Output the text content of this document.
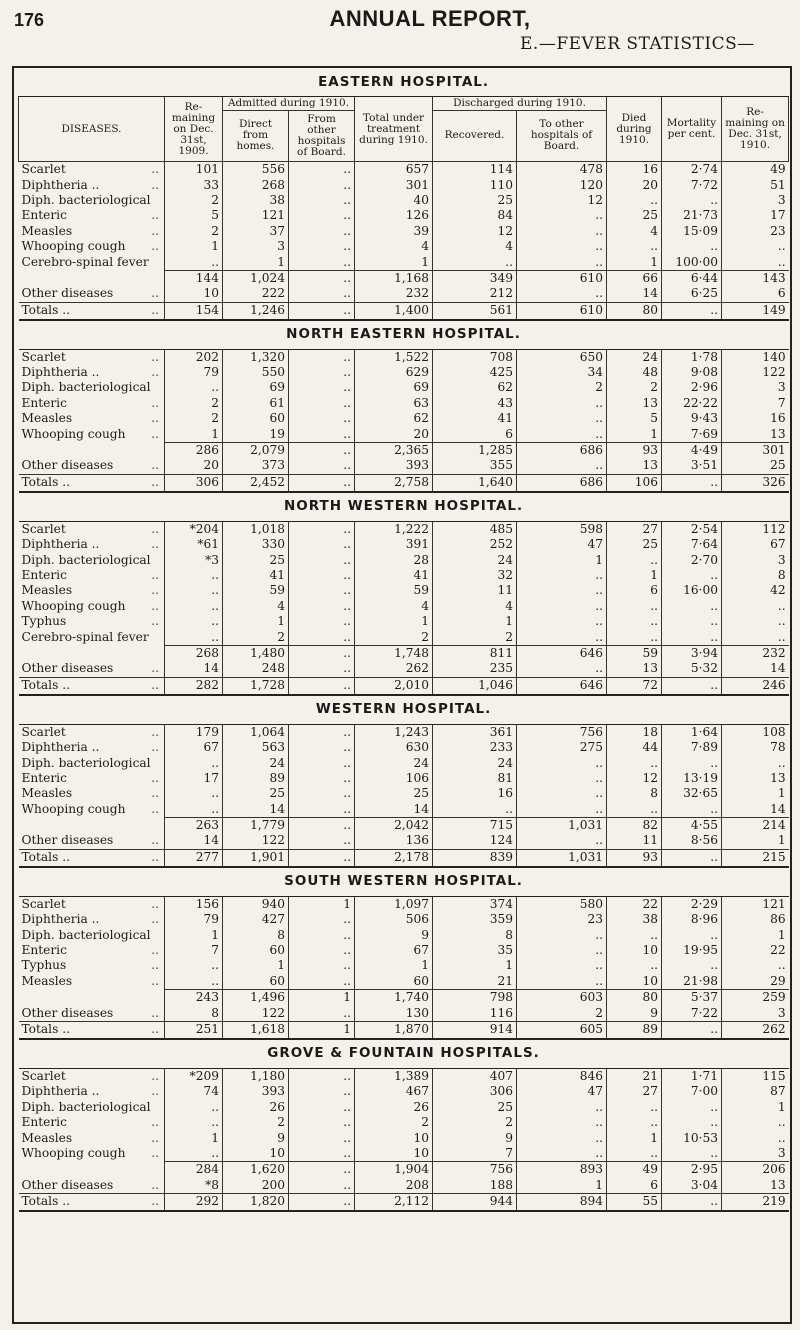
176	ANNUAL REPORT,
E.—FEVER STATISTICS—
EASTERN HOSPITAL.									
DISEASES.	Re-maining on Dec. 31st, 1909.	Admitted during 1910.		Total under treatment during 1910.	Discharged during 1910.		Died during 1910.	Mortality per cent.	Re-maining on Dec. 31st, 1910.
		Direct from homes.	From other hospitals of Board.		Recovered.	To other hospitals of Board.			

Scarlet ..	101	556	..	657	114	478	16	2·74	49

Diphtheria .. ..	33	268	..	301	110	120	20	7·72	51

Diph. bacteriological	2	38	..	40	25	12	..	..	3

Enteric ..	5	121	..	126	84	..	25	21·73	17

Measles ..	2	37	..	39	12	..	4	15·09	23

Whooping cough ..	1	3	..	4	4	..	..	..	..

Cerebro-spinal fever	..	1	..	1	..	..	1	100·00	..
	144	1,024	..	1,168	349	610	66	6·44	143

Other diseases ..	10	222	..	232	212	..	14	6·25	6

Totals .. ..	154	1,246	..	1,400	561	610	80	..	149
NORTH EASTERN HOSPITAL.									

Scarlet ..	202	1,320	..	1,522	708	650	24	1·78	140

Diphtheria .. ..	79	550	..	629	425	34	48	9·08	122

Diph. bacteriological	..	69	..	69	62	2	2	2·96	3

Enteric ..	2	61	..	63	43	..	13	22·22	7

Measles ..	2	60	..	62	41	..	5	9·43	16

Whooping cough ..	1	19	..	20	6	..	1	7·69	13
	286	2,079	..	2,365	1,285	686	93	4·49	301

Other diseases ..	20	373	..	393	355	..	13	3·51	25

Totals .. ..	306	2,452	..	2,758	1,640	686	106	..	326
NORTH WESTERN HOSPITAL.									

Scarlet ..	*204	1,018	..	1,222	485	598	27	2·54	112

Diphtheria .. ..	*61	330	..	391	252	47	25	7·64	67

Diph. bacteriological	*3	25	..	28	24	1	..	2·70	3

Enteric ..	..	41	..	41	32	..	1	..	8

Measles ..	..	59	..	59	11	..	6	16·00	42

Whooping cough ..	..	4	..	4	4	..	..	..	..

Typhus ..	..	1	..	1	1	..	..	..	..

Cerebro-spinal fever	..	2	..	2	2	..	..	..	..
	268	1,480	..	1,748	811	646	59	3·94	232

Other diseases ..	14	248	..	262	235	..	13	5·32	14

Totals .. ..	282	1,728	..	2,010	1,046	646	72	..	246
WESTERN HOSPITAL.									

Scarlet ..	179	1,064	..	1,243	361	756	18	1·64	108

Diphtheria .. ..	67	563	..	630	233	275	44	7·89	78

Diph. bacteriological	..	24	..	24	24	..	..	..	..

Enteric ..	17	89	..	106	81	..	12	13·19	13

Measles ..	..	25	..	25	16	..	8	32·65	1

Whooping cough ..	..	14	..	14	..	..	..	..	14
	263	1,779	..	2,042	715	1,031	82	4·55	214

Other diseases ..	14	122	..	136	124	..	11	8·56	1

Totals .. ..	277	1,901	..	2,178	839	1,031	93	..	215
SOUTH WESTERN HOSPITAL.									

Scarlet ..	156	940	1	1,097	374	580	22	2·29	121

Diphtheria .. ..	79	427	..	506	359	23	38	8·96	86

Diph. bacteriological	1	8	..	9	8	..	..	..	1

Enteric ..	7	60	..	67	35	..	10	19·95	22

Typhus ..	..	1	..	1	1	..	..	..	..

Measles ..	..	60	..	60	21	..	10	21·98	29
	243	1,496	1	1,740	798	603	80	5·37	259

Other diseases ..	8	122	..	130	116	2	9	7·22	3

Totals .. ..	251	1,618	1	1,870	914	605	89	..	262
GROVE & FOUNTAIN HOSPITALS.									

Scarlet ..	*209	1,180	..	1,389	407	846	21	1·71	115

Diphtheria .. ..	74	393	..	467	306	47	27	7·00	87

Diph. bacteriological	..	26	..	26	25	..	..	..	1

Enteric ..	..	2	..	2	2	..	..	..	..

Measles ..	1	9	..	10	9	..	1	10·53	..

Whooping cough ..	..	10	..	10	7	..	..	..	3
	284	1,620	..	1,904	756	893	49	2·95	206

Other diseases ..	*8	200	..	208	188	1	6	3·04	13

Totals .. ..	292	1,820	..	2,112	944	894	55	..	219
